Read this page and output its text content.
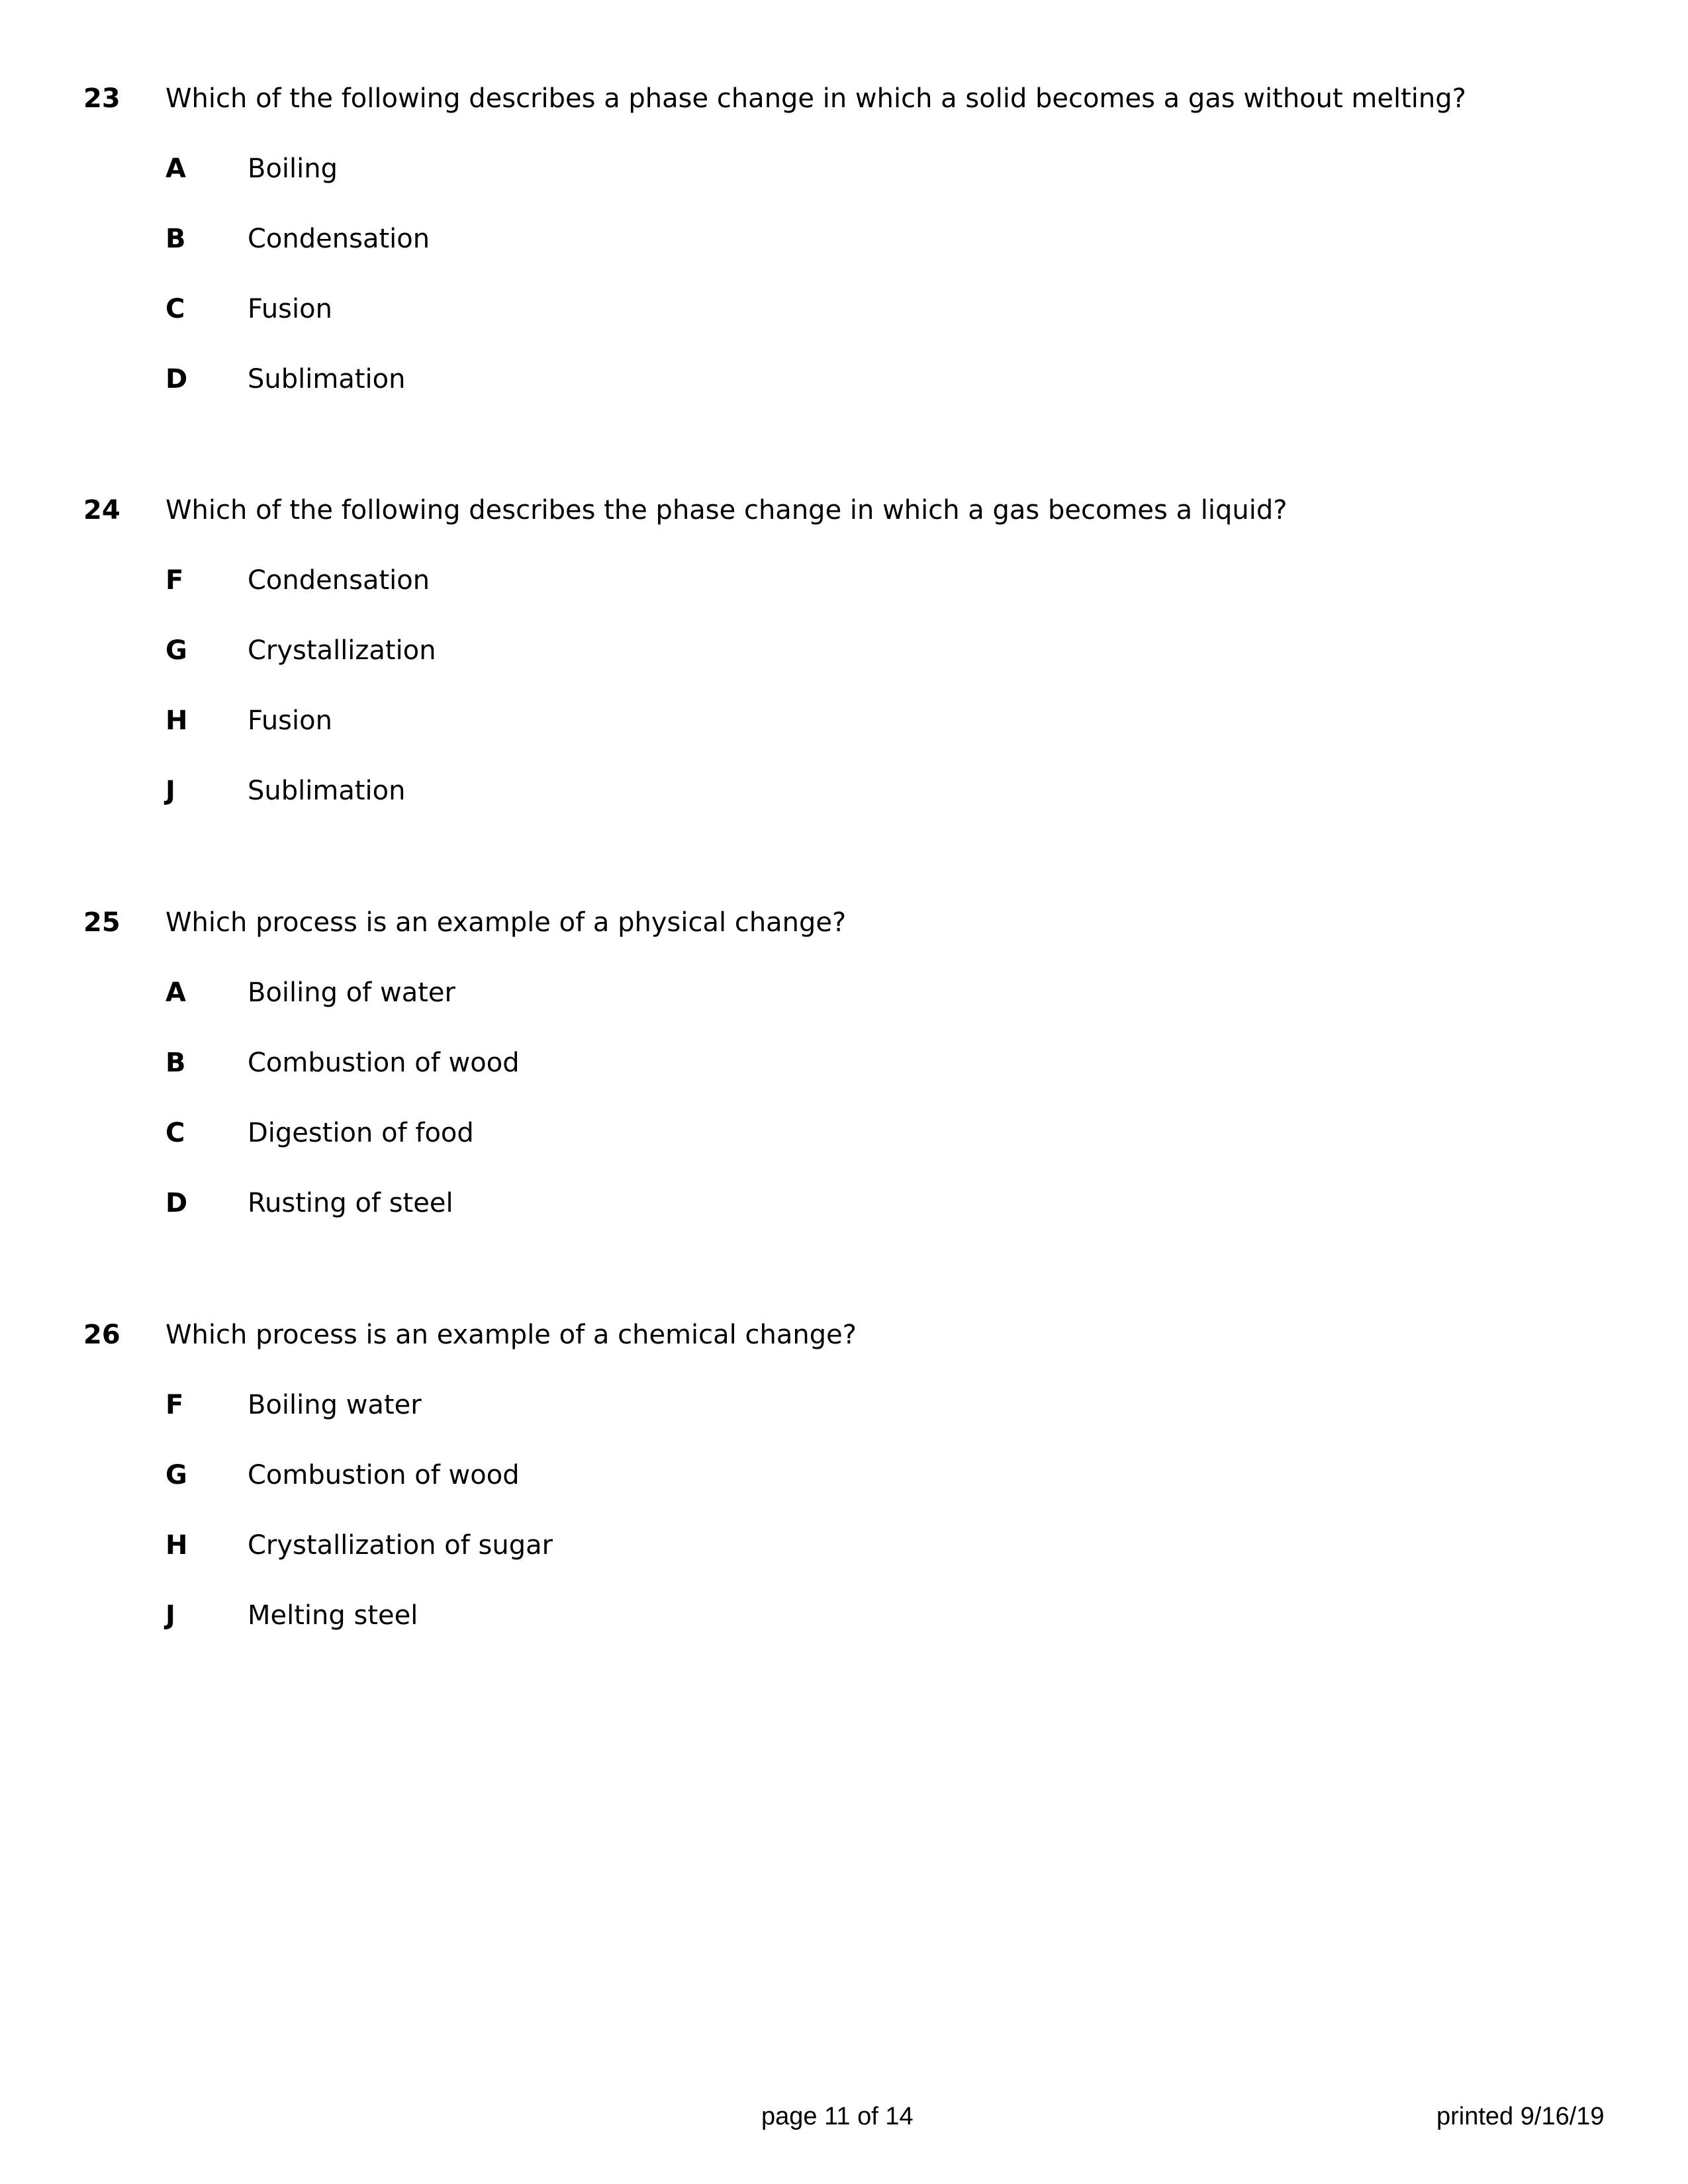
23 Which of the following describes a phase change in which a solid becomes a gas without melting?
A Boiling
B Condensation
C Fusion
D Sublimation
24 Which of the following describes the phase change in which a gas becomes a liquid?
F Condensation
G Crystallization
H Fusion
J	Sublimation
25 Which process is an example of a physical change?
A Boiling of water
B Combustion of wood
C Digestion of food
D Rusting of steel
26 Which process is an example of a chemical change?
F Boiling water
G Combustion of wood
H Crystallization of sugar
J	Melting steel
page 11 of 14	printed 9/16/19
